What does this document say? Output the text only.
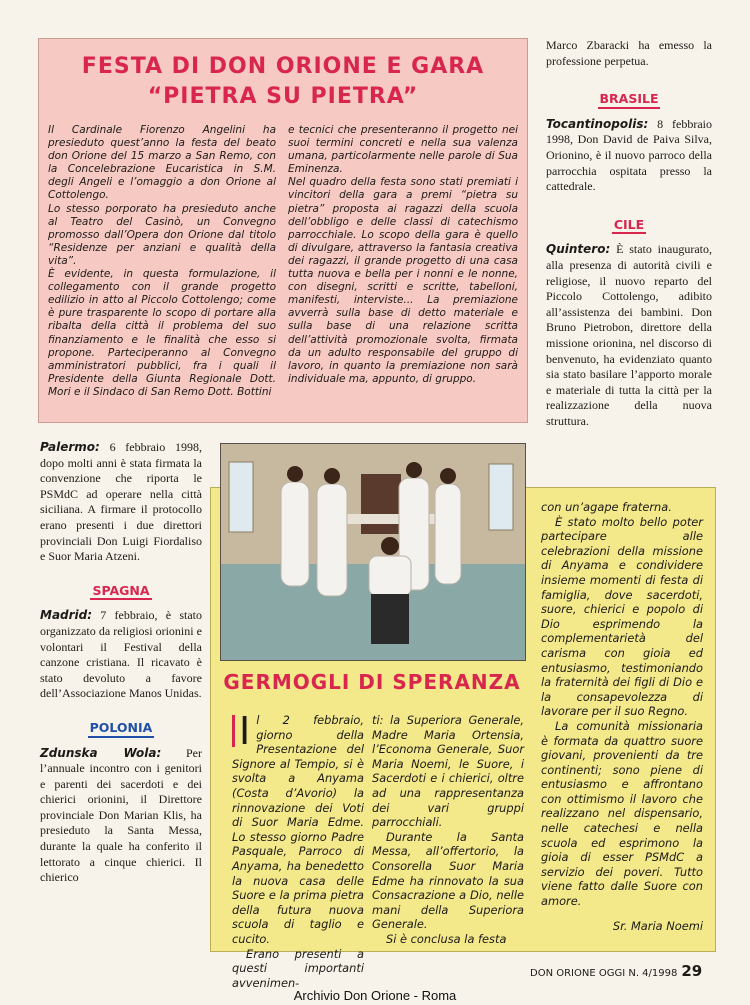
FESTA DI DON ORIONE E GARA
“PIETRA SU PIETRA”

Il Cardinale Fiorenzo Angelini ha presieduto quest’anno la festa del beato don Orione del 15 marzo a San Remo, con la Concelebrazione Eucaristica in S.M. degli Angeli e l’omaggio a don Orione al Cottolengo.

Lo stesso porporato ha presieduto anche al Teatro del Casinò, un Convegno promosso dall’Opera don Orione dal titolo “Residenze per anziani e qualità della vita”.

È evidente, in questa formulazione, il collegamento con il grande progetto edilizio in atto al Piccolo Cottolengo; come è pure trasparente lo scopo di portare alla ribalta della città il problema del suo finanziamento e le finalità che esso si propone. Parteciperanno al Convegno amministratori pubblici, fra i quali il Presidente della Giunta Regionale Dott. Mori e il Sindaco di San Remo Dott. Bottini

e tecnici che presenteranno il progetto nei suoi termini concreti e nella sua valenza umana, particolarmente nelle parole di Sua Eminenza.

Nel quadro della festa sono stati premiati i vincitori della gara a premi “pietra su pietra” proposta ai ragazzi della scuola dell’obbligo e delle classi di catechismo parrocchiale. Lo scopo della gara è quello di divulgare, attraverso la fantasia creativa dei ragazzi, il grande progetto di una casa tutta nuova e bella per i nonni e le nonne, con disegni, scritti e scritte, tabelloni, manifesti, interviste... La premiazione avverrà sulla base di detto materiale e sulla base di una relazione scritta dell’attività promozionale svolta, firmata da un adulto responsabile del gruppo di lavoro, in quanto la premiazione non sarà individuale ma, appunto, di gruppo.

Marco Zbaracki ha emesso la professione perpetua.

BRASILE

Tocantinopolis: 8 febbraio 1998, Don David de Paiva Silva, Orionino, è il nuovo parroco della parrocchia ospitata presso la cattedrale.

CILE

Quintero: È stato inaugurato, alla presenza di autorità civili e religiose, il nuovo reparto del Piccolo Cottolengo, adibito all’assistenza dei bambini. Don Bruno Pietrobon, direttore della missione orionina, nel discorso di benvenuto, ha evidenziato quanto sia stato basilare l’apporto morale e materiale di tutta la città per la realizzazione della nuova struttura.

Palermo: 6 febbraio 1998, dopo molti anni è stata firmata la convenzione che riporta le PSMdC ad operare nella città siciliana. A firmare il protocollo erano presenti i due direttori provinciali Don Luigi Fiordaliso e Suor Maria Atzeni.

SPAGNA

Madrid: 7 febbraio, è stato organizzato da religiosi orionini e volontari il Festival della canzone cristiana. Il ricavato è stato devoluto a favore dell’Associazione Manos Unidas.

POLONIA

Zdunska Wola: Per l’annuale incontro con i genitori e parenti dei sacerdoti e dei chierici orionini, il Direttore provinciale Don Marian Klis, ha presieduto la Santa Messa, durante la quale ha conferito il lettorato a cinque chierici. Il chierico

GERMOGLI DI SPERANZA

I l 2 febbraio, giorno della Presentazione del Signore al Tempio, si è svolta a Anyama (Costa d’Avorio) la rinnovazione dei Voti di Suor Maria Edme. Lo stesso giorno Padre Pasquale, Parroco di Anyama, ha benedetto la nuova casa delle Suore e la prima pietra della futura nuova scuola di taglio e cucito.

Erano presenti a questi importanti avvenimen-

ti: la Superiora Generale, Madre Maria Ortensia, l’Economa Generale, Suor Maria Noemi, le Suore, i Sacerdoti e i chierici, oltre ad una rappresentanza dei vari gruppi parrocchiali.

Durante la Santa Messa, all’offertorio, la Consorella Suor Maria Edme ha rinnovato la sua Consacrazione a Dio, nelle mani della Superiora Generale.

Si è conclusa la festa

con un’agape fraterna.

È stato molto bello poter partecipare alle celebrazioni della missione di Anyama e condividere insieme momenti di festa di famiglia, dove sacerdoti, suore, chierici e popolo di Dio esprimendo la complementarietà del carisma con gioia ed entusiasmo, testimoniando la fraternità dei figli di Dio e la consapevolezza di lavorare per il suo Regno.

La comunità missionaria è formata da quattro suore giovani, provenienti da tre continenti; sono piene di entusiasmo e affrontano con ottimismo il lavoro che realizzano nel dispensario, nelle catechesi e nella scuola ed esprimono la gioia di esser PSMdC a servizio dei poveri. Tutto viene fatto dalle Suore con amore.

Sr. Maria Noemi

DON ORIONE OGGI N. 4/1998 29
Archivio Don Orione - Roma
